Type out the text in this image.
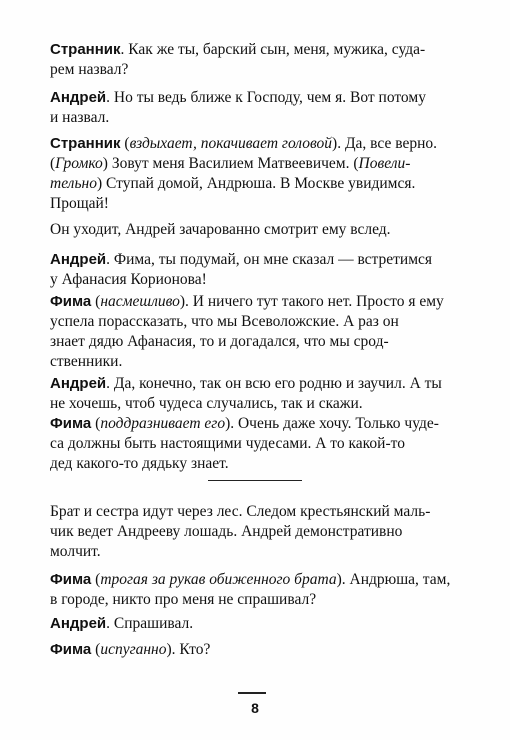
Странник. Как же ты, барский сын, меня, мужика, суда-
рем назвал?

Андрей. Но ты ведь ближе к Господу, чем я. Вот потому
и назвал.

Странник (вздыхает, покачивает головой). Да, все верно.
(Громко) Зовут меня Василием Матвеевичем. (Повели-
тельно) Ступай домой, Андрюша. В Москве увидимся.
Прощай!

Он уходит, Андрей зачарованно смотрит ему вслед.

Андрей. Фима, ты подумай, он мне сказал — встретимся
у Афанасия Корионова!

Фима (насмешливо). И ничего тут такого нет. Просто я ему
успела порассказать, что мы Всеволожские. А раз он
знает дядю Афанасия, то и догадался, что мы срод-
ственники.

Андрей. Да, конечно, так он всю его родню и заучил. А ты
не хочешь, чтоб чудеса случались, так и скажи.

Фима (поддразнивает его). Очень даже хочу. Только чуде-
са должны быть настоящими чудесами. А то какой-то
дед какого-то дядьку знает.

Брат и сестра идут через лес. Следом крестьянский маль-
чик ведет Андрееву лошадь. Андрей демонстративно
молчит.

Фима (трогая за рукав обиженного брата). Андрюша, там,
в городе, никто про меня не спрашивал?

Андрей. Спрашивал.

Фима (испуганно). Кто?

8
